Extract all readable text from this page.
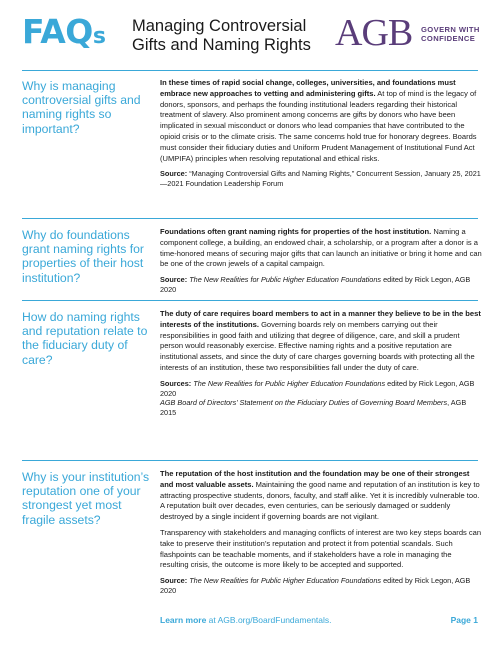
FAQs Managing Controversial
Gifts and Naming Rights AGB GOVERN WITH
CONFIDENCE
Why is managing controversial gifts and naming rights so important?

In these times of rapid social change, colleges, universities, and foundations must embrace new approaches to vetting and administering gifts. At top of mind is the legacy of donors, sponsors, and perhaps the founding institutional leaders regarding their historical treatment of slavery. Also prominent among concerns are gifts by donors who have been implicated in sexual misconduct or donors who lead companies that have contributed to the opioid crisis or to the climate crisis. The same concerns hold true for honorary degrees. Boards must consider their fiduciary duties and Uniform Prudent Management of Institutional Fund Act (UMPIFA) principles when resolving reputational and ethical risks.

Source: “Managing Controversial Gifts and Naming Rights,” Concurrent Session, January 25, 2021—2021 Foundation Leadership Forum

Why do foundations grant naming rights for properties of their host institution?

Foundations often grant naming rights for properties of the host institution. Naming a component college, a building, an endowed chair, a scholarship, or a program after a donor is a time-honored means of securing major gifts that can launch an initiative or bring it home and can be one of the crown jewels of a capital campaign.

Source: The New Realities for Public Higher Education Foundations edited by Rick Legon, AGB 2020

How do naming rights and reputation relate to the fiduciary duty of care?

The duty of care requires board members to act in a manner they believe to be in the best interests of the institutions. Governing boards rely on members carrying out their responsibilities in good faith and utilizing that degree of diligence, care, and skill a prudent person would reasonably exercise. Effective naming rights and a positive reputation are institutional assets, and since the duty of care charges governing boards with protecting all the interests of an institution, these two responsibilities fall under the duty of care.

Sources: The New Realities for Public Higher Education Foundations edited by Rick Legon, AGB 2020
AGB Board of Directors’ Statement on the Fiduciary Duties of Governing Board Members, AGB 2015

Why is your institution’s reputation one of your strongest yet most fragile assets?

The reputation of the host institution and the foundation may be one of their strongest and most valuable assets. Maintaining the good name and reputation of an institution is key to attracting prospective students, donors, faculty, and staff alike. Yet it is incredibly vulnerable too. A reputation built over decades, even centuries, can be seriously damaged or suddenly destroyed by a single incident if governing boards are not vigilant.

Transparency with stakeholders and managing conflicts of interest are two key steps boards can take to preserve their institution’s reputation and protect it from potential scandals. Such flashpoints can be teachable moments, and if stakeholders have a role in managing the resulting crisis, the outcome is more likely to be accepted and supported.

Source: The New Realities for Public Higher Education Foundations edited by Rick Legon, AGB 2020

Learn more at AGB.org/BoardFundamentals.	Page 1
